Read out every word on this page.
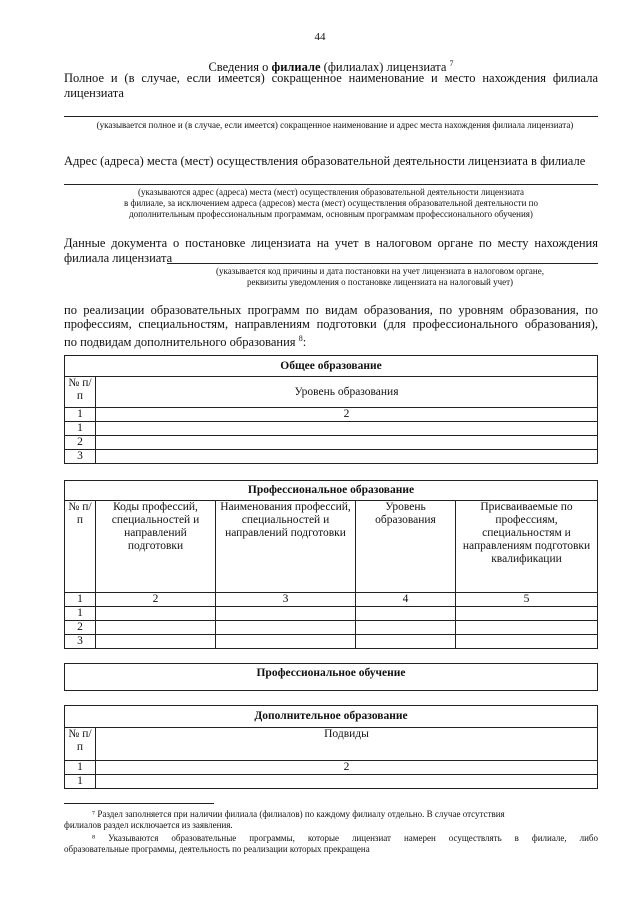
44
Сведения о филиале (филиалах) лицензиата $^7$
Полное и (в случае, если имеется) сокращенное наименование и место нахождения филиала
лицензиата
(указывается полное и (в случае, если имеется) сокращенное наименование и адрес места нахождения филиала лицензиата)
Адрес (адреса) места (мест) осуществления образовательной деятельности лицензиата в филиале
(указываются адрес (адреса) места (мест) осуществления образовательной деятельности лицензиата
в филиале, за исключением адреса (адресов) места (мест) осуществления образовательной деятельности по
дополнительным профессиональным программам, основным программам профессионального обучения)
Данные документа о постановке лицензиата на учет в налоговом органе по месту нахождения
филиала лицензиата
(указывается код причины и дата постановки на учет лицензиата в налоговом органе,
реквизиты уведомления о постановке лицензиата на налоговый учет)
по реализации образовательных программ по видам образования, по уровням образования, по
профессиям, специальностям, направлениям подготовки (для профессионального образования),
по подвидам дополнительного образования $^8$:
Общее образование	
№ п/п	Уровень образования
1	2
1	
2	
3	
Профессиональное образование				
№ п/п	Коды профессий, специальностей и направлений подготовки	Наименования профессий, специальностей и направлений подготовки	Уровень образования	Присваиваемые по профессиям, специальностям и направлениям подготовки квалификации
1	2	3	4	5
1				
2				
3				
Профессиональное обучение
Дополнительное образование	
№ п/п	Подвиды
1	2
1	
⁷ Раздел заполняется при наличии филиала (филиалов) по каждому филиалу отдельно. В случае отсутствия
филиалов раздел исключается из заявления.
⁸ Указываются образовательные программы, которые лицензиат намерен осуществлять в филиале, либо
образовательные программы, деятельность по реализации которых прекращена
